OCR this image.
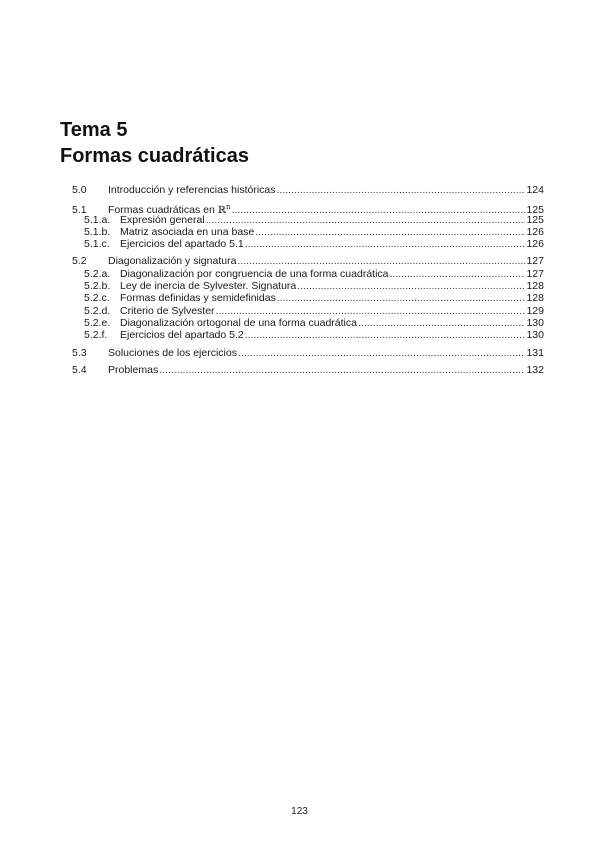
Tema 5
Formas cuadráticas
5.0	Introducción y referencias históricas .....	124
5.1	Formas cuadráticas en ℝ$^n$ .....	125
5.1.a. Expresión general .....	125
5.1.b. Matriz asociada en una base .....	126
5.1.c. Ejercicios del apartado 5.1 .....	126
5.2	Diagonalización y signatura .....	127
5.2.a. Diagonalización por congruencia de una forma cuadrática .....	127
5.2.b. Ley de inercia de Sylvester. Signatura .....	128
5.2.c. Formas definidas y semidefinidas .....	128
5.2.d. Criterio de Sylvester .....	129
5.2.e. Diagonalización ortogonal de una forma cuadrática .....	130
5.2.f.	Ejercicios del apartado 5.2 .....	130
5.3	Soluciones de los ejercicios .....	131
5.4	Problemas .....	132
123
